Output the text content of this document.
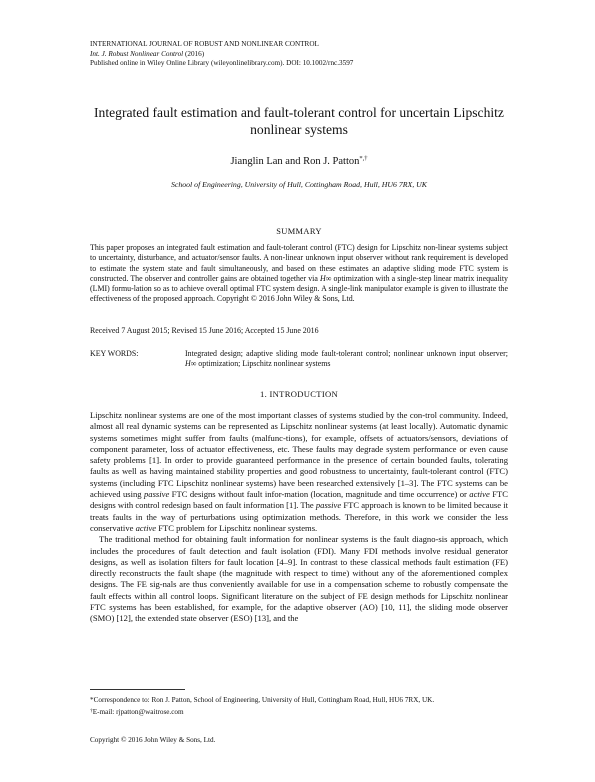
INTERNATIONAL JOURNAL OF ROBUST AND NONLINEAR CONTROL
Int. J. Robust Nonlinear Control (2016)
Published online in Wiley Online Library (wileyonlinelibrary.com). DOI: 10.1002/rnc.3597
Integrated fault estimation and fault-tolerant control for uncertain Lipschitz nonlinear systems
Jianglin Lan and Ron J. Patton*,†
School of Engineering, University of Hull, Cottingham Road, Hull, HU6 7RX, UK
SUMMARY
This paper proposes an integrated fault estimation and fault-tolerant control (FTC) design for Lipschitz non-linear systems subject to uncertainty, disturbance, and actuator/sensor faults. A non-linear unknown input observer without rank requirement is developed to estimate the system state and fault simultaneously, and based on these estimates an adaptive sliding mode FTC system is constructed. The observer and controller gains are obtained together via H∞ optimization with a single-step linear matrix inequality (LMI) formu-lation so as to achieve overall optimal FTC system design. A single-link manipulator example is given to illustrate the effectiveness of the proposed approach. Copyright © 2016 John Wiley & Sons, Ltd.
Received 7 August 2015; Revised 15 June 2016; Accepted 15 June 2016
KEY WORDS:	Integrated design; adaptive sliding mode fault-tolerant control; nonlinear unknown input observer; H∞ optimization; Lipschitz nonlinear systems
1. INTRODUCTION

Lipschitz nonlinear systems are one of the most important classes of systems studied by the con-trol community. Indeed, almost all real dynamic systems can be represented as Lipschitz nonlinear systems (at least locally). Automatic dynamic systems sometimes might suffer from faults (malfunc-tions), for example, offsets of actuators/sensors, deviations of component parameter, loss of actuator effectiveness, etc. These faults may degrade system performance or even cause safety problems [1]. In order to provide guaranteed performance in the presence of certain bounded faults, tolerating faults as well as having maintained stability properties and good robustness to uncertainty, fault-tolerant control (FTC) systems (including FTC Lipschitz nonlinear systems) have been researched extensively [1–3]. The FTC systems can be achieved using passive FTC designs without fault infor-mation (location, magnitude and time occurrence) or active FTC designs with control redesign based on fault information [1]. The passive FTC approach is known to be limited because it treats faults in the way of perturbations using optimization methods. Therefore, in this work we consider the less conservative active FTC problem for Lipschitz nonlinear systems.

The traditional method for obtaining fault information for nonlinear systems is the fault diagno-sis approach, which includes the procedures of fault detection and fault isolation (FDI). Many FDI methods involve residual generator designs, as well as isolation filters for fault location [4–9]. In contrast to these classical methods fault estimation (FE) directly reconstructs the fault shape (the magnitude with respect to time) without any of the aforementioned complex designs. The FE sig-nals are thus conveniently available for use in a compensation scheme to robustly compensate the fault effects within all control loops. Significant literature on the subject of FE design methods for Lipschitz nonlinear FTC systems has been established, for example, for the adaptive observer (AO) [10, 11], the sliding mode observer (SMO) [12], the extended state observer (ESO) [13], and the

*Correspondence to: Ron J. Patton, School of Engineering, University of Hull, Cottingham Road, Hull, HU6 7RX, UK.
†E-mail: rjpatton@waitrose.com
Copyright © 2016 John Wiley & Sons, Ltd.
